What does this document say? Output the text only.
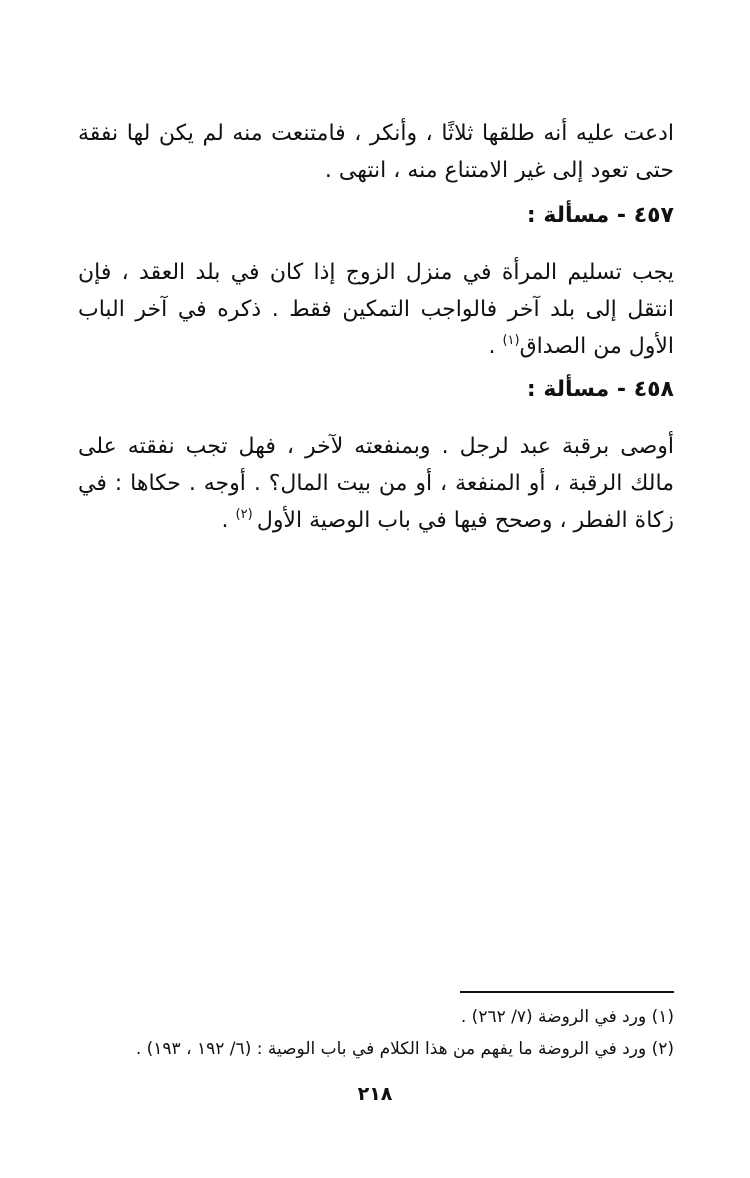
ادعت عليه أنه طلقها ثلاثًا ، وأنكر ، فامتنعت منه لم يكن لها نفقة حتى تعود إلى غير الامتناع منه ، انتهى .
٤٥٧ - مسألة :
يجب تسليم المرأة في منزل الزوج إذا كان في بلد العقد ، فإن انتقل إلى بلد آخر فالواجب التمكين فقط . ذكره في آخر الباب الأول من الصداق$^{(١)}$ .
٤٥٨ - مسألة :
أوصى برقبة عبد لرجل . وبمنفعته لآخر ، فهل تجب نفقته على مالك الرقبة ، أو المنفعة ، أو من بيت المال؟ . أوجه . حكاها : في زكاة الفطر ، وصحح فيها في باب الوصية الأول $^{(٢)}$ .
(١) ورد في الروضة (٧/ ٢٦٢) .
(٢) ورد في الروضة ما يفهم من هذا الكلام في باب الوصية : (٦/ ١٩٢ ، ١٩٣) .
٢١٨
